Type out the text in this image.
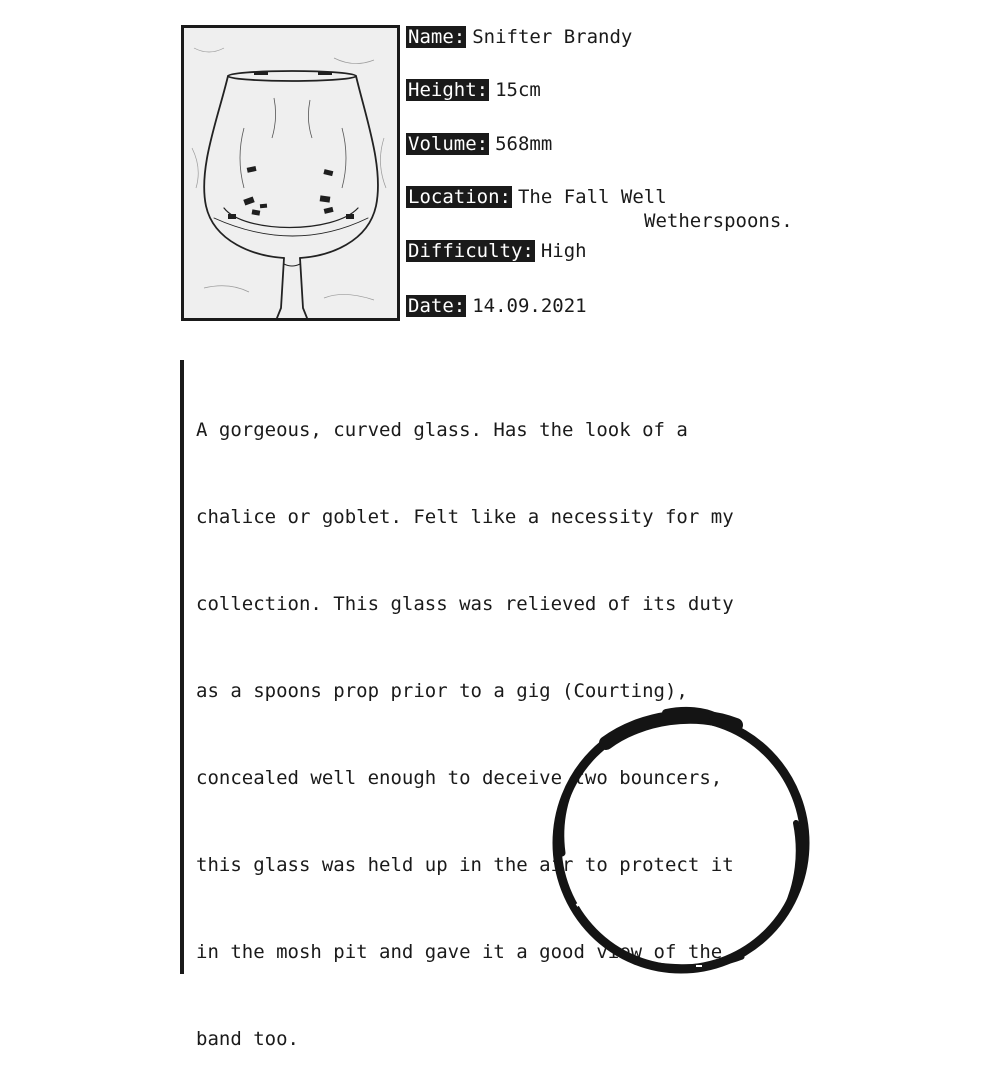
Name: Snifter Brandy
Height: 15cm
Volume: 568mm
Location: The Fall Well
Wetherspoons.
Difficulty: High
Date: 14.09.2021

A gorgeous, curved glass. Has the look of a

chalice or goblet. Felt like a necessity for my

collection. This glass was relieved of its duty

as a spoons prop prior to a gig (Courting),

concealed well enough to deceive two bouncers,

this glass was held up in the air to protect it

in the mosh pit and gave it a good view of the

band too.
